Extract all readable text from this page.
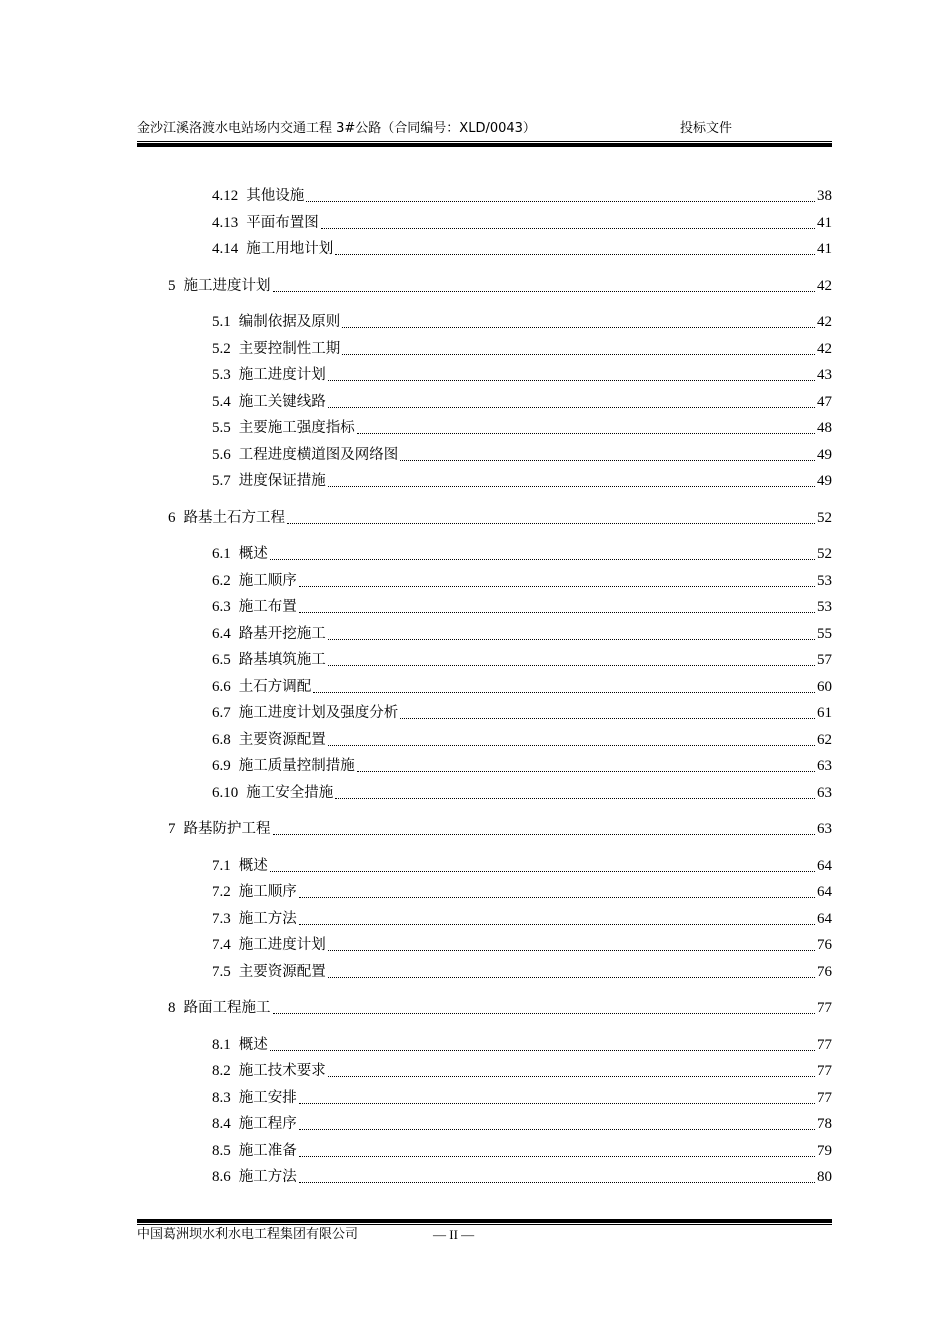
金沙江溪洛渡水电站场内交通工程 3#公路（合同编号：XLD/0043）	投标文件
4.12 其他设施	38
4.13 平面布置图	41
4.14 施工用地计划	41
5 施工进度计划	42
5.1 编制依据及原则	42
5.2 主要控制性工期	42
5.3 施工进度计划	43
5.4 施工关键线路	47
5.5 主要施工强度指标	48
5.6 工程进度横道图及网络图	49
5.7 进度保证措施	49
6 路基土石方工程	52
6.1 概述	52
6.2 施工顺序	53
6.3 施工布置	53
6.4 路基开挖施工	55
6.5 路基填筑施工	57
6.6 土石方调配	60
6.7 施工进度计划及强度分析	61
6.8 主要资源配置	62
6.9 施工质量控制措施	63
6.10 施工安全措施	63
7 路基防护工程	63
7.1 概述	64
7.2 施工顺序	64
7.3 施工方法	64
7.4 施工进度计划	76
7.5 主要资源配置	76
8 路面工程施工	77
8.1 概述	77
8.2 施工技术要求	77
8.3 施工安排	77
8.4 施工程序	78
8.5 施工准备	79
8.6 施工方法	80
中国葛洲坝水利水电工程集团有限公司	— II —
